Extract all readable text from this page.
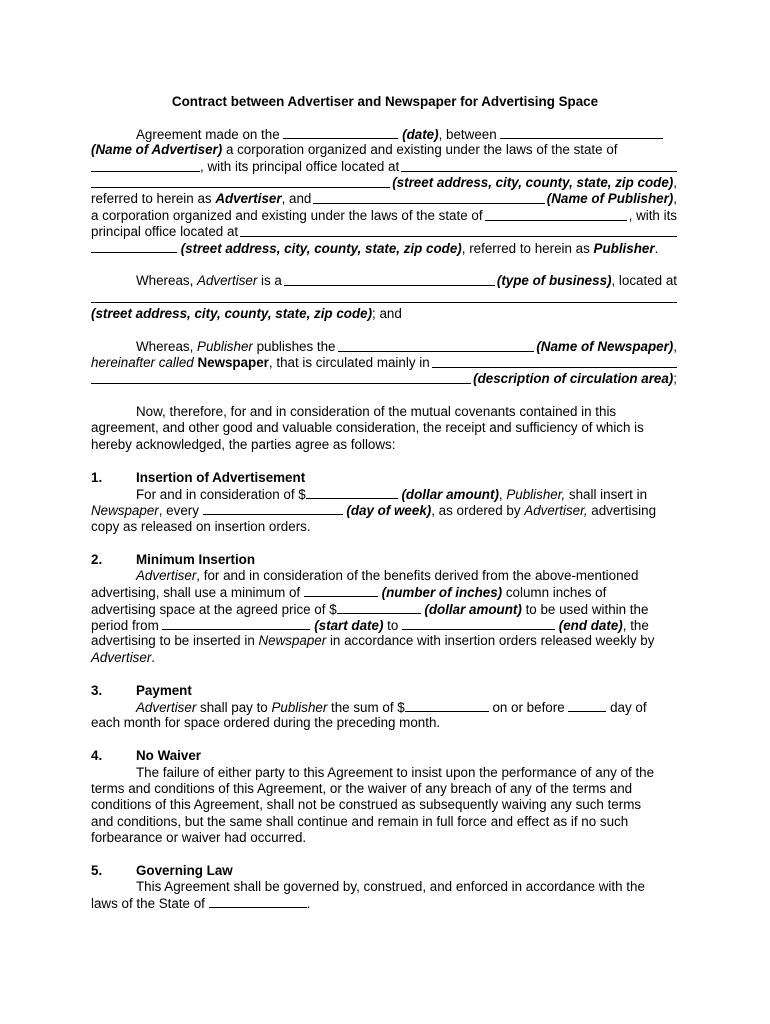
Contract between Advertiser and Newspaper for Advertising Space

Agreement made on the	(date), between
(Name of Advertiser) a corporation organized and existing under the laws of the state of
, with its principal office located at
(street address, city, county, state, zip code),
referred to herein as Advertiser, and	(Name of Publisher),
a corporation organized and existing under the laws of the state of	, with its
principal office located at
(street address, city, county, state, zip code), referred to herein as Publisher.
Whereas, Advertiser is a	(type of business), located at
(street address, city, county, state, zip code); and
Whereas, Publisher publishes the	(Name of Newspaper),
hereinafter called Newspaper, that is circulated mainly in
(description of circulation area);
Now, therefore, for and in consideration of the mutual covenants contained in this
agreement, and other good and valuable consideration, the receipt and sufficiency of which is
hereby acknowledged, the parties agree as follows:
1.	Insertion of Advertisement
For and in consideration of $	(dollar amount), Publisher, shall insert in
Newspaper, every	(day of week), as ordered by Advertiser, advertising
copy as released on insertion orders.
2.	Minimum Insertion
Advertiser, for and in consideration of the benefits derived from the above-mentioned
advertising, shall use a minimum of	(number of inches) column inches of
advertising space at the agreed price of $	(dollar amount) to be used within the
period from	(start date) to	(end date), the
advertising to be inserted in Newspaper in accordance with insertion orders released weekly by
Advertiser.
3.	Payment
Advertiser shall pay to Publisher the sum of $	on or before	day of
each month for space ordered during the preceding month.
4.	No Waiver
The failure of either party to this Agreement to insist upon the performance of any of the
terms and conditions of this Agreement, or the waiver of any breach of any of the terms and
conditions of this Agreement, shall not be construed as subsequently waiving any such terms
and conditions, but the same shall continue and remain in full force and effect as if no such
forbearance or waiver had occurred.
5.	Governing Law
This Agreement shall be governed by, construed, and enforced in accordance with the
laws of the State of	.
